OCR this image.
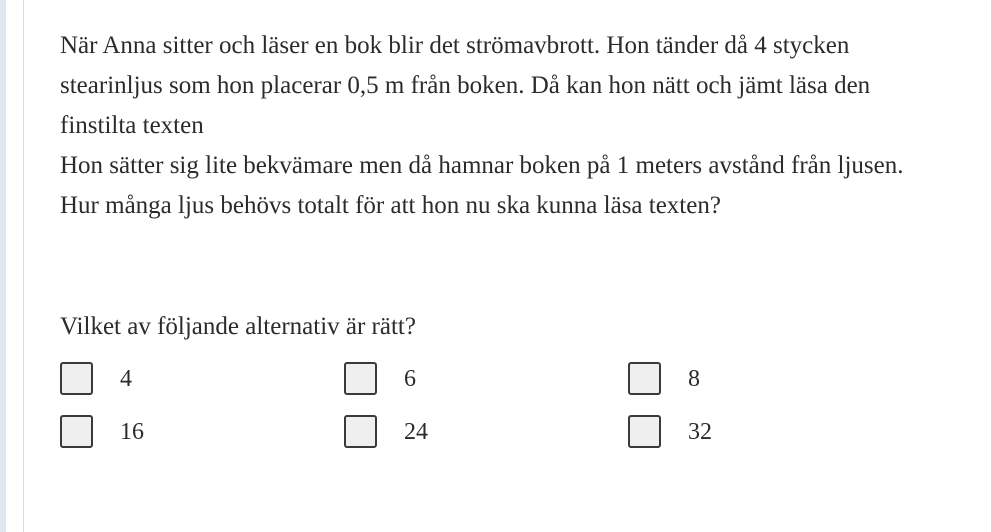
När Anna sitter och läser en bok blir det strömavbrott. Hon tänder då 4 stycken stearinljus som hon placerar 0,5 m från boken. Då kan hon nätt och jämt läsa den finstilta texten

Hon sätter sig lite bekvämare men då hamnar boken på 1 meters avstånd från ljusen.

Hur många ljus behövs totalt för att hon nu ska kunna läsa texten?

Vilket av följande alternativ är rätt?

4	6	8
16	24	32
